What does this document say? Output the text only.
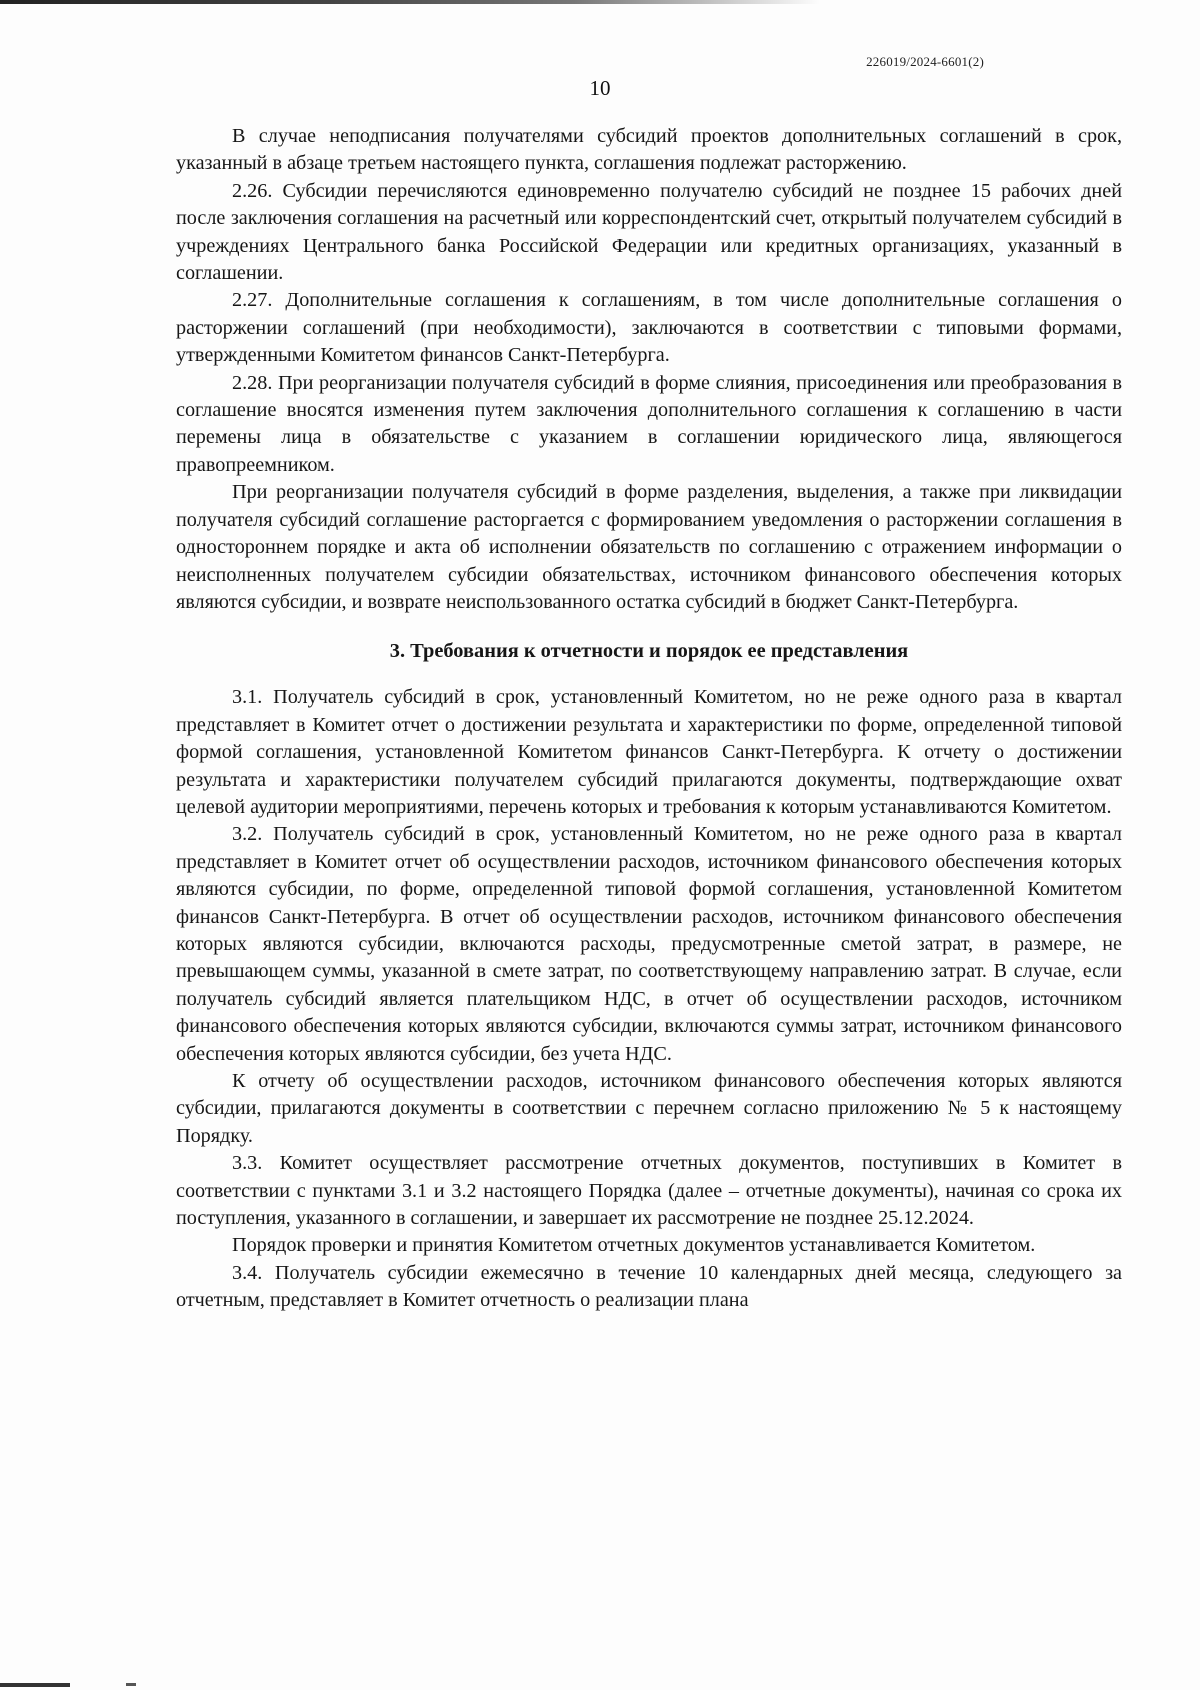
226019/2024-6601(2)
10

В случае неподписания получателями субсидий проектов дополнительных соглашений в срок, указанный в абзаце третьем настоящего пункта, соглашения подлежат расторжению.

2.26. Субсидии перечисляются единовременно получателю субсидий не позднее 15 рабочих дней после заключения соглашения на расчетный или корреспондентский счет, открытый получателем субсидий в учреждениях Центрального банка Российской Федерации или кредитных организациях, указанный в соглашении.

2.27. Дополнительные соглашения к соглашениям, в том числе дополнительные соглашения о расторжении соглашений (при необходимости), заключаются в соответствии с типовыми формами, утвержденными Комитетом финансов Санкт-Петербурга.

2.28. При реорганизации получателя субсидий в форме слияния, присоединения или преобразования в соглашение вносятся изменения путем заключения дополнительного соглашения к соглашению в части перемены лица в обязательстве с указанием в соглашении юридического лица, являющегося правопреемником.

При реорганизации получателя субсидий в форме разделения, выделения, а также при ликвидации получателя субсидий соглашение расторгается с формированием уведомления о расторжении соглашения в одностороннем порядке и акта об исполнении обязательств по соглашению с отражением информации о неисполненных получателем субсидии обязательствах, источником финансового обеспечения которых являются субсидии, и возврате неиспользованного остатка субсидий в бюджет Санкт-Петербурга.

3. Требования к отчетности и порядок ее представления

3.1. Получатель субсидий в срок, установленный Комитетом, но не реже одного раза в квартал представляет в Комитет отчет о достижении результата и характеристики по форме, определенной типовой формой соглашения, установленной Комитетом финансов Санкт-Петербурга. К отчету о достижении результата и характеристики получателем субсидий прилагаются документы, подтверждающие охват целевой аудитории мероприятиями, перечень которых и требования к которым устанавливаются Комитетом.

3.2. Получатель субсидий в срок, установленный Комитетом, но не реже одного раза в квартал представляет в Комитет отчет об осуществлении расходов, источником финансового обеспечения которых являются субсидии, по форме, определенной типовой формой соглашения, установленной Комитетом финансов Санкт-Петербурга. В отчет об осуществлении расходов, источником финансового обеспечения которых являются субсидии, включаются расходы, предусмотренные сметой затрат, в размере, не превышающем суммы, указанной в смете затрат, по соответствующему направлению затрат. В случае, если получатель субсидий является плательщиком НДС, в отчет об осуществлении расходов, источником финансового обеспечения которых являются субсидии, включаются суммы затрат, источником финансового обеспечения которых являются субсидии, без учета НДС.

К отчету об осуществлении расходов, источником финансового обеспечения которых являются субсидии, прилагаются документы в соответствии с перечнем согласно приложению № 5 к настоящему Порядку.

3.3. Комитет осуществляет рассмотрение отчетных документов, поступивших в Комитет в соответствии с пунктами 3.1 и 3.2 настоящего Порядка (далее – отчетные документы), начиная со срока их поступления, указанного в соглашении, и завершает их рассмотрение не позднее 25.12.2024.

Порядок проверки и принятия Комитетом отчетных документов устанавливается Комитетом.

3.4. Получатель субсидии ежемесячно в течение 10 календарных дней месяца, следующего за отчетным, представляет в Комитет отчетность о реализации плана
